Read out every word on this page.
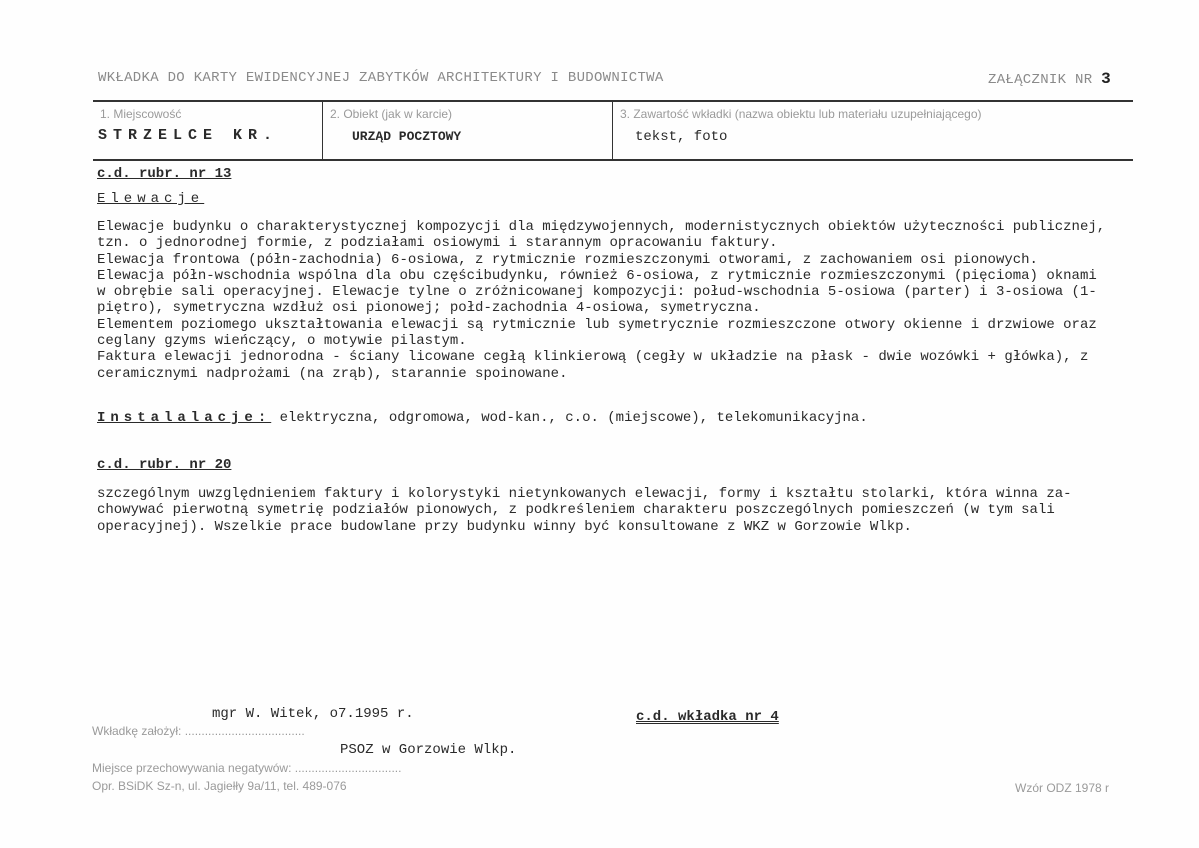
WKŁADKA DO KARTY EWIDENCYJNEJ ZABYTKÓW ARCHITEKTURY I BUDOWNICTWA	ZAŁĄCZNIK NR 3
1. Miejscowość
STRZELCE KR.
2. Obiekt (jak w karcie)
URZĄD POCZTOWY
3. Zawartość wkładki (nazwa obiektu lub materiału uzupełniającego)
tekst, foto
c.d. rubr. nr 13
Elewacje
Elewacje budynku o charakterystycznej kompozycji dla międzywojennych, modernistycznych obiektów użyteczności publicznej,
tzn. o jednorodnej formie, z podziałami osiowymi i starannym opracowaniu faktury.
Elewacja frontowa (półn-zachodnia) 6-osiowa, z rytmicznie rozmieszczonymi otworami, z zachowaniem osi pionowych.
Elewacja półn-wschodnia wspólna dla obu częścibudynku, również 6-osiowa, z rytmicznie rozmieszczonymi (pięcioma) oknami
w obrębie sali operacyjnej. Elewacje tylne o zróżnicowanej kompozycji: połud-wschodnia 5-osiowa (parter) i 3-osiowa (1-
piętro), symetryczna wzdłuż osi pionowej; połd-zachodnia 4-osiowa, symetryczna.
Elementem poziomego ukształtowania elewacji są rytmicznie lub symetrycznie rozmieszczone otwory okienne i drzwiowe oraz
ceglany gzyms wieńczący, o motywie pilastym.
Faktura elewacji jednorodna - ściany licowane cegłą klinkierową (cegły w układzie na płask - dwie wozówki + główka), z
ceramicznymi nadprożami (na zrąb), starannie spoinowane.
Instalalacje: elektryczna, odgromowa, wod-kan., c.o. (miejscowe), telekomunikacyjna.
c.d. rubr. nr 20
szczególnym uwzględnieniem faktury i kolorystyki nietynkowanych elewacji, formy i kształtu stolarki, która winna za-
chowywać pierwotną symetrię podziałów pionowych, z podkreśleniem charakteru poszczególnych pomieszczeń (w tym sali
operacyjnej). Wszelkie prace budowlane przy budynku winny być konsultowane z WKZ w Gorzowie Wlkp.
mgr W. Witek, o7.1995 r.
Wkładkę założył: ....................................
PSOZ w Gorzowie Wlkp.
Miejsce przechowywania negatywów: ................................
Opr. BSiDK Sz-n, ul. Jagiełły 9a/11, tel. 489-076
c.d. wkładka nr 4
Wzór ODZ 1978 r
